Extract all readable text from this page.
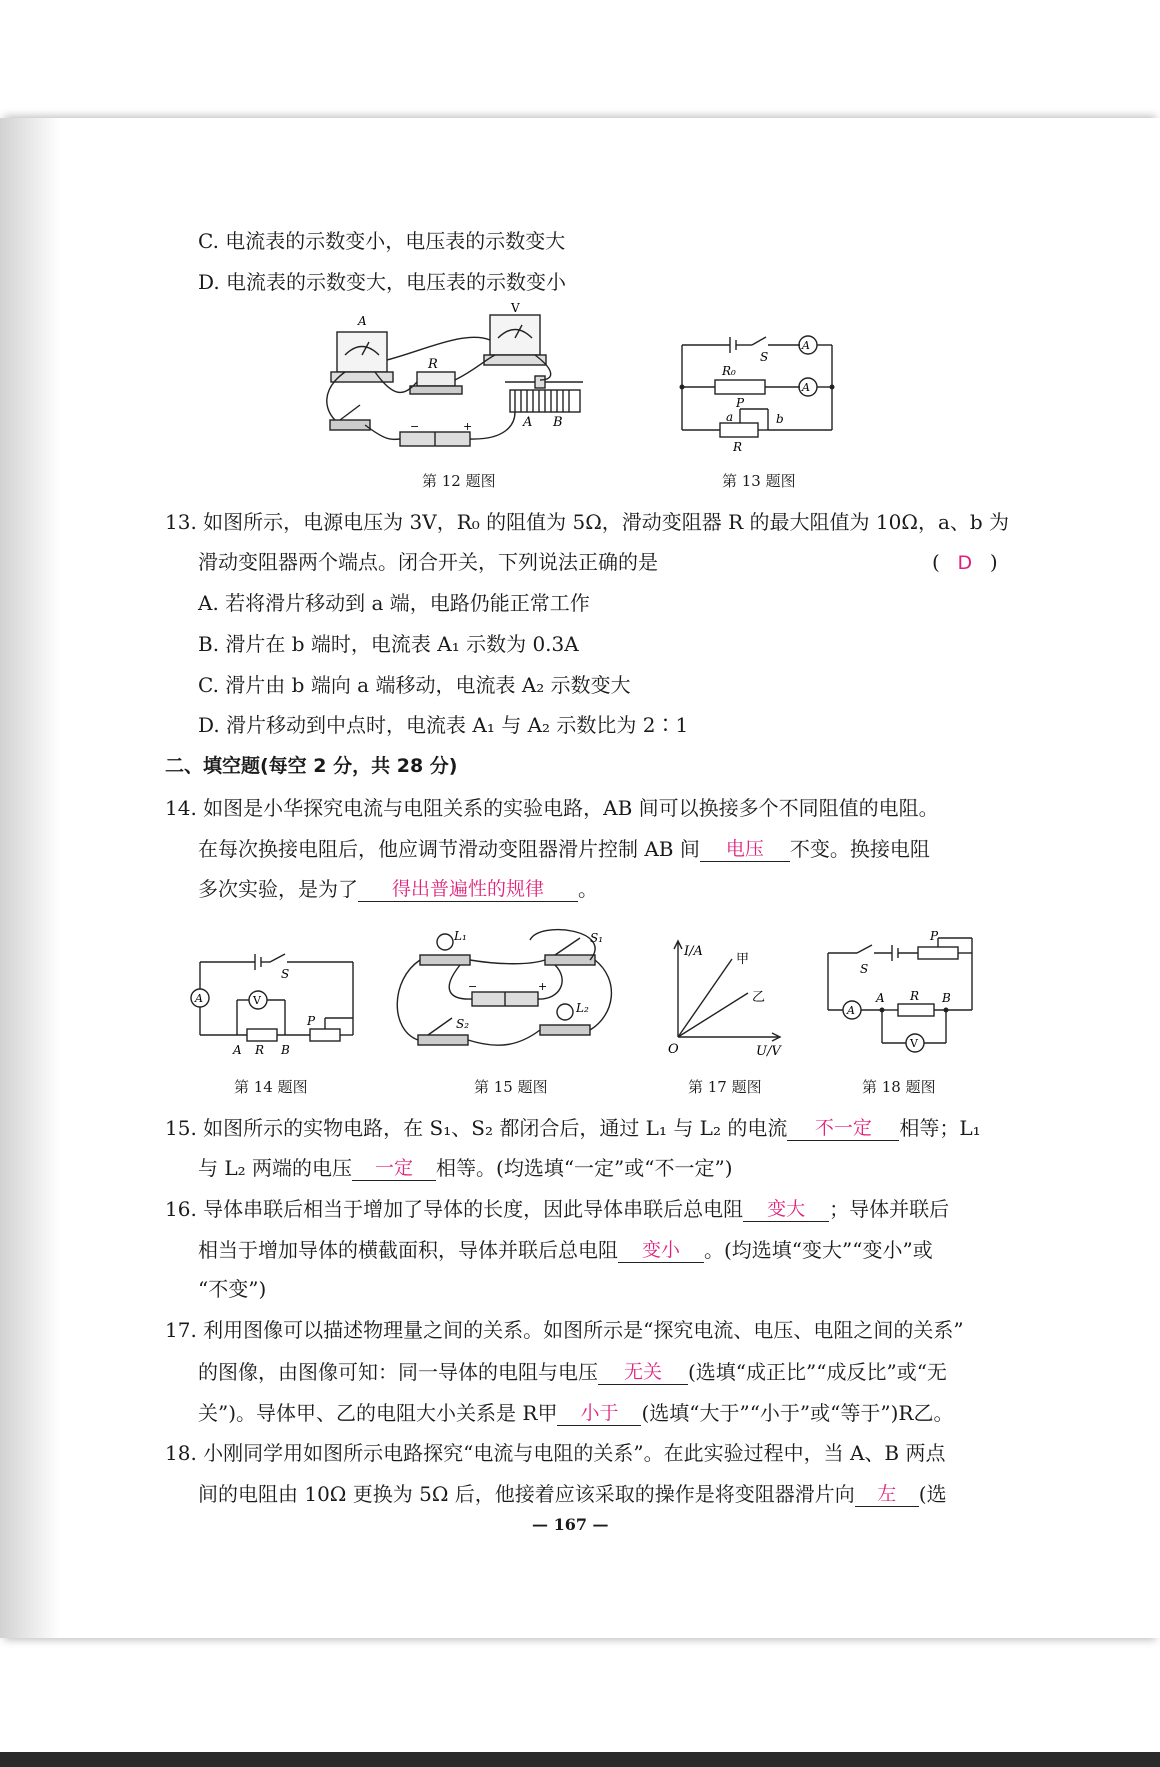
C. 电流表的示数变小，电压表的示数变大
D. 电流表的示数变大，电压表的示数变小
A
V
R
A B
−	+
第 12 题图
A
A
S
R₀
P
a	b
R
第 13 题图
13. 如图所示，电源电压为 3V，R₀ 的阻值为 5Ω，滑动变阻器 R 的最大阻值为 10Ω，a、b 为
滑动变阻器两个端点。闭合开关，下列说法正确的是	( D )
A. 若将滑片移动到 a 端，电路仍能正常工作
B. 滑片在 b 端时，电流表 A₁ 示数为 0.3A
C. 滑片由 b 端向 a 端移动，电流表 A₂ 示数变大
D. 滑片移动到中点时，电流表 A₁ 与 A₂ 示数比为 2∶1
二、填空题(每空 2 分，共 28 分)
14. 如图是小华探究电流与电阻关系的实验电路，AB 间可以换接多个不同阻值的电阻。
在每次换接电阻后，他应调节滑动变阻器滑片控制 AB 间 电压 不变。换接电阻
多次实验，是为了 得出普遍性的规律 。
A	V
S
P
A R B
第 14 题图
L₁	S₁
S₂
L₂
−	+
第 15 题图
I/A
U/V
O
甲
乙
第 17 题图
A
V
S
P
A R B
第 18 题图
15. 如图所示的实物电路，在 S₁、S₂ 都闭合后，通过 L₁ 与 L₂ 的电流 不一定 相等；L₁
与 L₂ 两端的电压 一定 相等。(均选填“一定”或“不一定”)
16. 导体串联后相当于增加了导体的长度，因此导体串联后总电阻 变大 ；导体并联后
相当于增加导体的横截面积，导体并联后总电阻 变小 。(均选填“变大”“变小”或
“不变”)
17. 利用图像可以描述物理量之间的关系。如图所示是“探究电流、电压、电阻之间的关系”
的图像，由图像可知：同一导体的电阻与电压 无关 (选填“成正比”“成反比”或“无
关”)。导体甲、乙的电阻大小关系是 R甲 小于 (选填“大于”“小于”或“等于”)R乙。
18. 小刚同学用如图所示电路探究“电流与电阻的关系”。在此实验过程中，当 A、B 两点
间的电阻由 10Ω 更换为 5Ω 后，他接着应该采取的操作是将变阻器滑片向 左 (选
— 167 —
